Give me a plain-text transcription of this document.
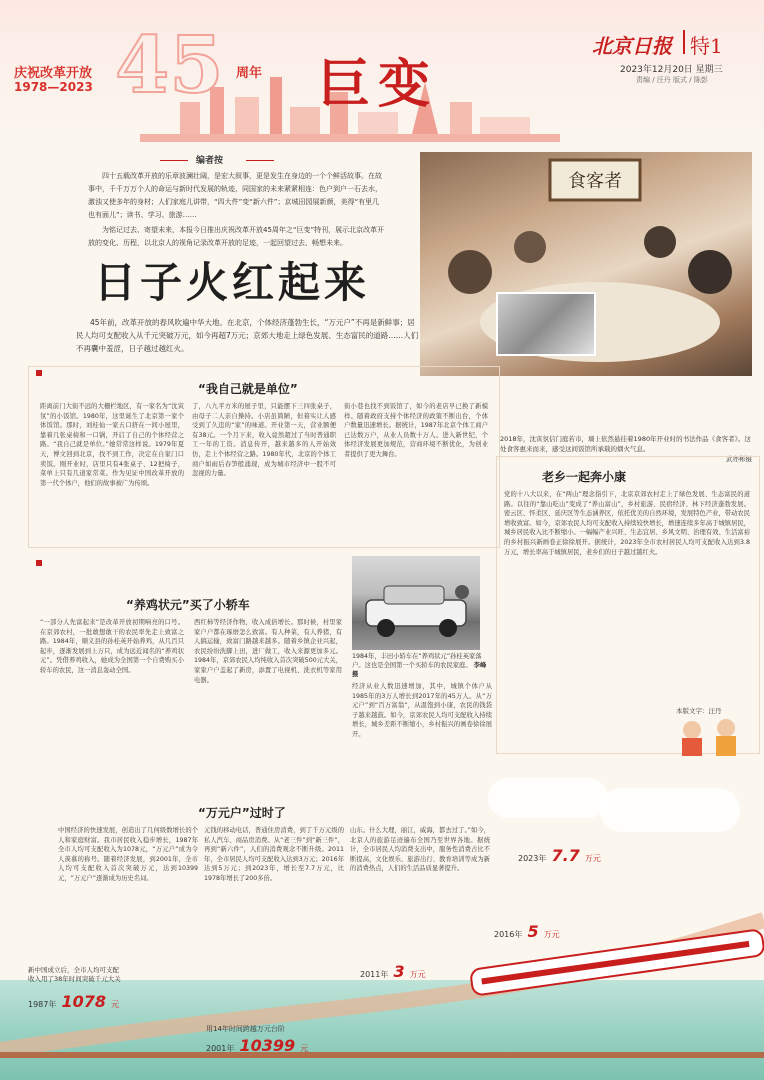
庆祝改革开放
1978—2023 45 周年 巨变
北京日报 特1
2023年12月20日 星期三
责编 / 汪丹 版式 / 陈彭
编者按

四十五载改革开放的乐章波澜壮阔，是宏大叙事，更是发生在身边的一个个鲜活故事。在故事中，千千万万个人的命运与新时代发展的轨迹，同国家的未来紧紧相连：色户到户一石去水，激浊又使多年的身材；人们家庭儿讲带，“四大件”变“新六件”；京城田园展新颜，美得“有里几也有面儿”；读书、学习、旅游……

为铭记过去、寄望未来，本报今日推出庆祝改革开放45周年之“巨变”特刊，展示北京改革开放的变化、历程，以北京人的视角记录改革开放的足迹，一起回望过去、畅想未来。

日子火红起来
45年前，改革开放的春风吹遍中华大地。在北京，个体经济蓬勃生长，“万元户”不再是新鲜事；居民人均可支配收入从千元突破万元，如今再超7万元；京郊大地走上绿色发展、生态富民的道路……人们不再囊中羞涩，日子越过越红火。
食客者
2018年，沈寅氛信门庭若市，墙上依然悬挂着1980年开业时的书法作品《食客者》。这处食客惠来而来，感受这间饭馆所承载的烟火气息。
武亦彬摄
“我自己就是单位”
距离前门大街不远的大栅栏地区，有一家名为“沈寅氛”的小饭馆。1980年，这里诞生了北京第一家个体饭馆。那时，刘桂仙一家五口挤在一间小屋里，靠着几张桌椅和一口锅，开启了自己的个体经营之路。“我自己就是单位。”她常常这样说。1979年夏天，博文回到北京，找不到工作，决定在自家门口卖饭。刚开业时，店里只有4张桌子、12把椅子，菜单上只有几道家常菜。作为见证中国改革开放的第一代个体户，他们的故事被广为传颂。
了，八九平方米的屋子里，只能摆下三四张桌子，由母子二人亲自操持。小店虽简陋，但着实让人感受到了久违的“家”的味道。开业第一天，营业额便有38元。一个月下来，收入竟然超过了当时普通职工一年的工资。消息传开，越来越多的人开始效仿，走上个体经营之路。1980年代，北京的个体工商户如雨后春笋般涌现，成为城市经济中一股不可忽视的力量。
街小巷也找不到饭馆了，如今的老店早已换了新模样。随着政府支持个体经济的政策不断出台，个体户数量迅速增长。据统计，1987年北京个体工商户已达数万户，从业人员数十万人。进入新世纪，个体经济发展更加规范，营商环境不断优化，为创业者提供了更大舞台。
“养鸡状元”买了小轿车
“一部分人先富起来”是改革开放初期响亮的口号。在京郊农村，一批敢想敢干的农民率先走上致富之路。1984年，顺义县的孙桂英开始养鸡，从几百只起步，逐渐发展到上万只，成为远近闻名的“养鸡状元”。凭借养鸡收入，她成为全国第一个自费购买小轿车的农民，这一消息轰动全国。
西红柿等经济作物，收入成倍增长。那时候，村里家家户户都在琢磨怎么致富。有人种菜，有人养猪，有人搞运输，致富门路越来越多。随着乡镇企业兴起，农民纷纷洗脚上田，进厂做工，收入来源更加多元。1984年，京郊农民人均纯收入首次突破500元大关，家家户户盖起了新房，添置了电视机、洗衣机等家用电器。
经济从业人数迅速增加，其中，城镇个体户从1985年的3万人增长到2017年的45万人。从“万元户”到“百万富翁”，从温饱到小康，农民的钱袋子越来越鼓。如今，京郊农民人均可支配收入持续增长，城乡差距不断缩小，乡村振兴的画卷徐徐展开。
1984年，丰田小轿车在“养鸡状元”孙桂英家落户。这也是全国第一个买轿车的农民家庭。 李峰摄
“万元户”过时了
中国经济的快速发展，创造出了几何级数增长的个人和家庭财富。我市居民收入稳步增长，1987年全市人均可支配收入为1078元，“万元户”成为令人羡慕的称号。随着经济发展，到2001年，全市人均可支配收入首次突破万元，达到10399元，“万元户”逐渐成为历史名词。
元钱的移动电话，普通住房消费，到了千万元级的私人汽车、商品房消费。从“老三件”到“新三件”，再到“新六件”，人们的消费观念不断升级。2011年，全市居民人均可支配收入达到3万元；2016年达到5万元；到2023年，增长至7.7万元，比1978年增长了200多倍。
山东。什么大理，丽江，威海，都去过了。”如今，北京人的旅游足迹遍布全国乃至世界各地。据统计，全市居民人均消费支出中，服务性消费占比不断提高，文化娱乐、旅游出行、教育培训等成为新的消费热点，人们的生活品质显著提升。
老乡一起奔小康
党的十八大以来，在“两山”理念指引下，北京京郊农村走上了绿色发展、生态富民的道路。以往的“靠山吃山”变成了“养山富山”，乡村旅游、民宿经济、林下经济蓬勃发展。密云区、怀柔区、延庆区等生态涵养区，依托优美的自然环境，发展特色产业，带动农民增收致富。如今，京郊农民人均可支配收入持续较快增长，增速连续多年高于城镇居民，城乡居民收入比不断缩小。一幅幅产业兴旺、生态宜居、乡风文明、治理有效、生活富裕的乡村振兴新画卷正徐徐展开。据统计，2023年全市农村居民人均可支配收入达到3.8万元，增长率高于城镇居民，老乡们的日子越过越红火。
本版文字：汪丹
2023年 7.7 万元
2016年 5 万元
2011年 3 万元
1987年 1078 元
新中国成立后，全市人均可支配收入用了38年时间突破千元大关
用14年时间跨越万元台阶
2001年 10399 元
